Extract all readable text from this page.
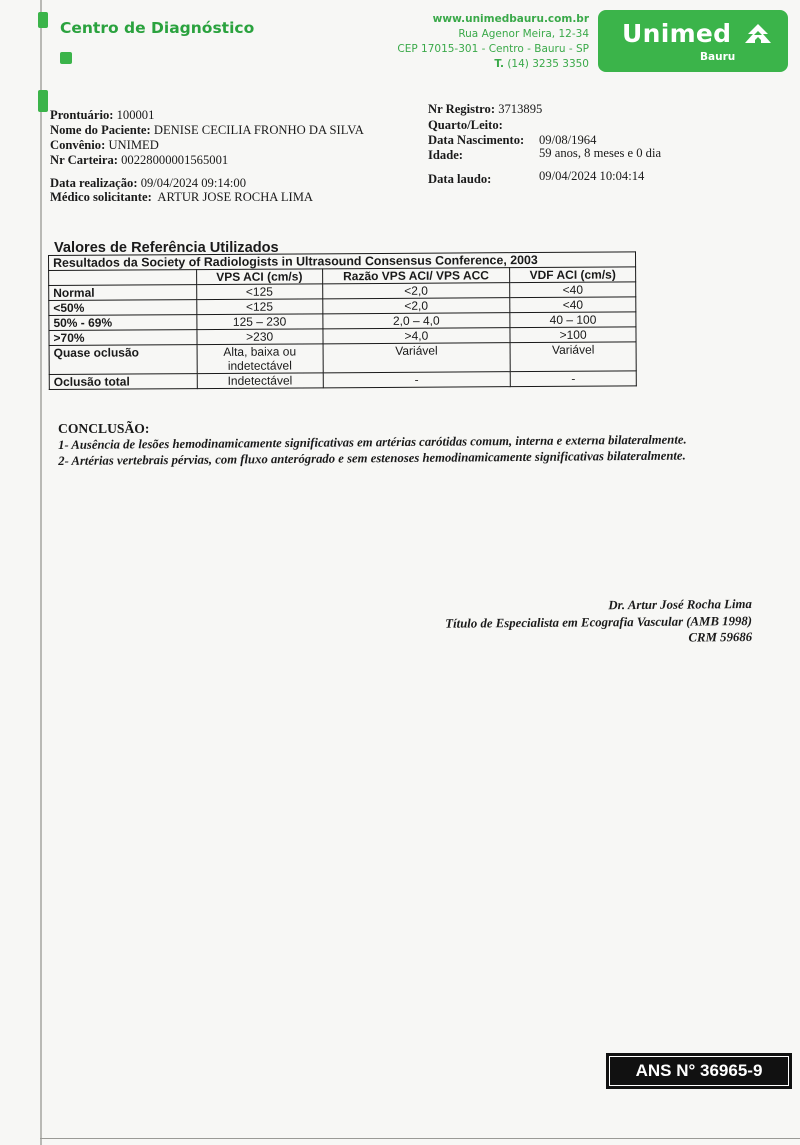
Centro de Diagnóstico	www.unimedbauru.com.br
Rua Agenor Meira, 12-34
CEP 17015-301 - Centro - Bauru - SP
T. (14) 3235 3350
Unimed
Bauru
Prontuário: 100001
Nome do Paciente: DENISE CECILIA FRONHO DA SILVA
Convênio: UNIMED
Nr Carteira: 00228000001565001
Data realização: 09/04/2024 09:14:00
Médico solicitante: ARTUR JOSE ROCHA LIMA
Nr Registro: 3713895
Quarto/Leito:
Data Nascimento: 09/08/1964
Idade:	59 anos, 8 meses e 0 dia
Data laudo:	09/04/2024 10:04:14
Valores de Referência Utilizados
Resultados da Society of Radiologists in Ultrasound Consensus Conference, 2003			
	VPS ACI (cm/s)	Razão VPS ACI/ VPS ACC	VDF ACI (cm/s)
Normal	<125	<2,0	<40
<50%	<125	<2,0	<40
50% - 69%	125 – 230	2,0 – 4,0	40 – 100
>70%	>230	>4,0	>100
Quase oclusão	Alta, baixa ou indetectável	Variável	Variável
Oclusão total	Indetectável	-	-
CONCLUSÃO:

1- Ausência de lesões hemodinamicamente significativas em artérias carótidas comum, interna e externa bilateralmente.

2- Artérias vertebrais pérvias, com fluxo anterógrado e sem estenoses hemodinamicamente significativas bilateralmente.

Dr. Artur José Rocha Lima
Título de Especialista em Ecografia Vascular (AMB 1998)
CRM 59686
ANS N° 36965-9
